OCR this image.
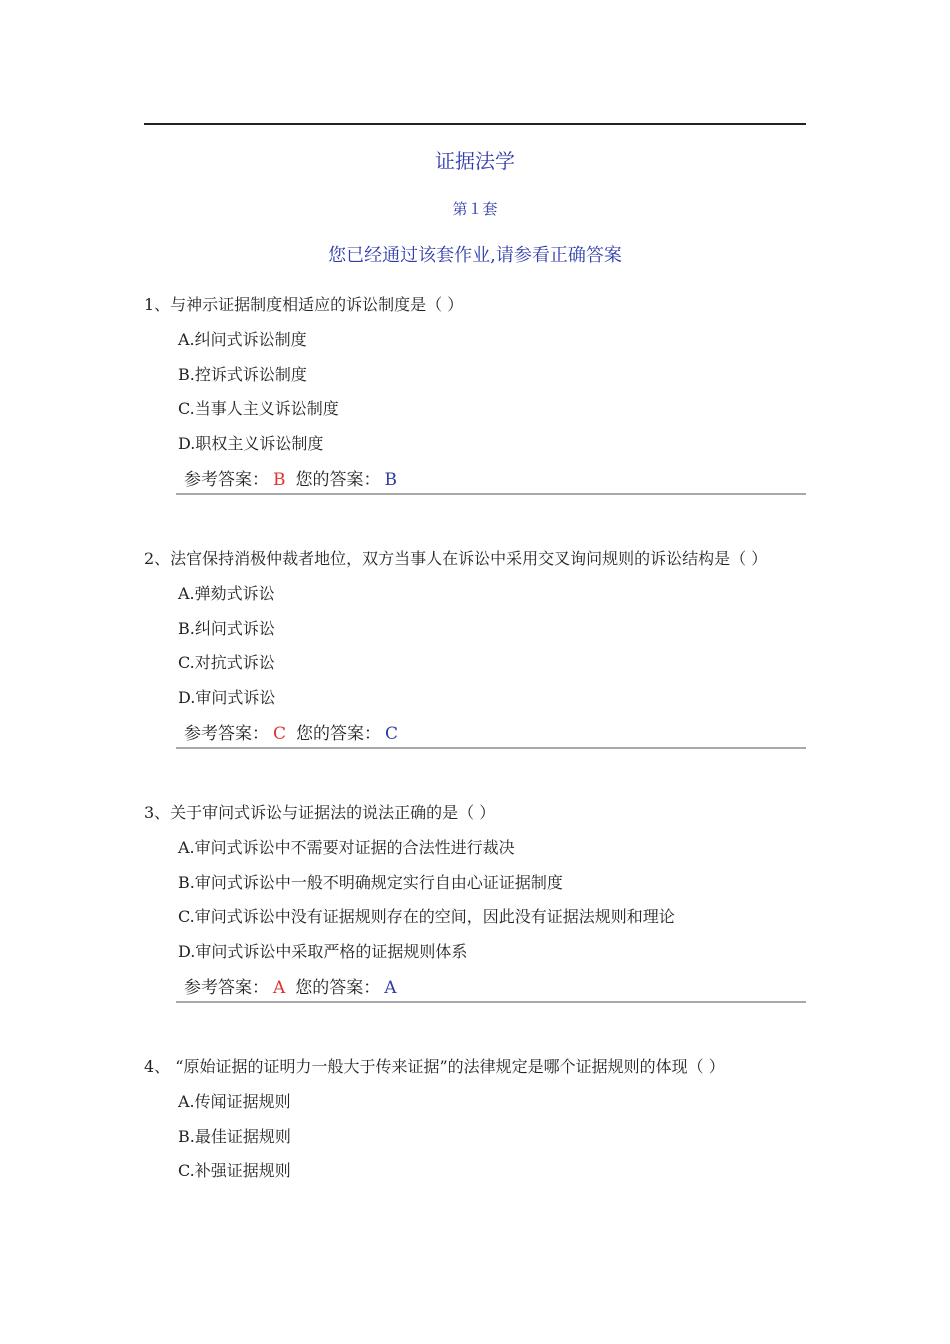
证据法学
第１套
您已经通过该套作业,请参看正确答案
1、与神示证据制度相适应的诉讼制度是（ ）
A.纠问式诉讼制度
B.控诉式诉讼制度
C.当事人主义诉讼制度
D.职权主义诉讼制度
参考答案： B 您的答案： B
2、法官保持消极仲裁者地位，双方当事人在诉讼中采用交叉询问规则的诉讼结构是（ ）
A.弹劾式诉讼
B.纠问式诉讼
C.对抗式诉讼
D.审问式诉讼
参考答案： C 您的答案： C
3、关于审问式诉讼与证据法的说法正确的是（ ）
A.审问式诉讼中不需要对证据的合法性进行裁决
B.审问式诉讼中一般不明确规定实行自由心证证据制度
C.审问式诉讼中没有证据规则存在的空间，因此没有证据法规则和理论
D.审问式诉讼中采取严格的证据规则体系
参考答案： A 您的答案： A
4、 “原始证据的证明力一般大于传来证据”的法律规定是哪个证据规则的体现（ ）
A.传闻证据规则
B.最佳证据规则
C.补强证据规则
